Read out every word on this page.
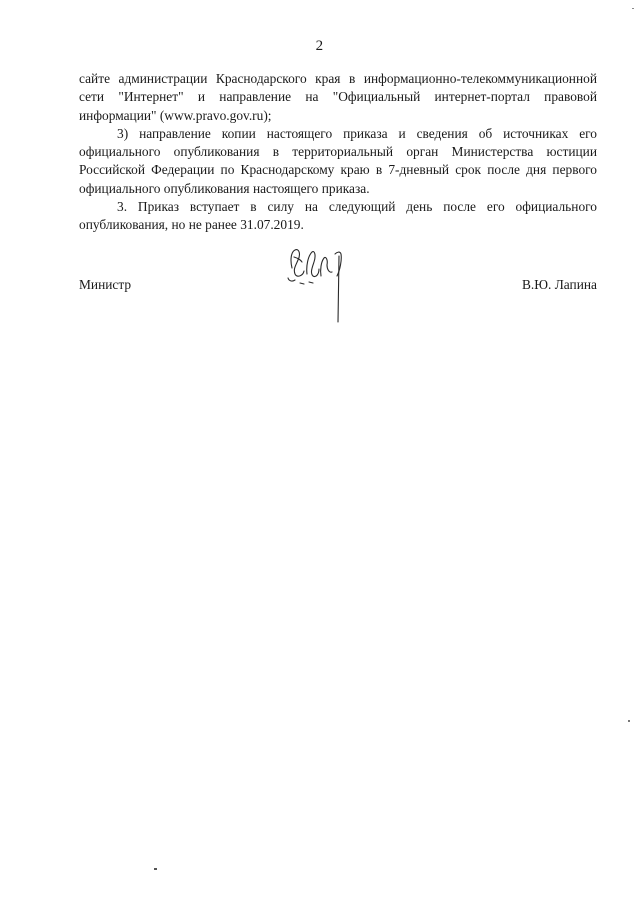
2

сайте администрации Краснодарского края в информационно-телекоммуникационной сети "Интернет" и направление на "Официальный интернет-портал правовой информации" (www.pravo.gov.ru);

3) направление копии настоящего приказа и сведения об источниках его официального опубликования в территориальный орган Министерства юстиции Российской Федерации по Краснодарскому краю в 7-дневный срок после дня первого официального опубликования настоящего приказа.

3. Приказ вступает в силу на следующий день после его официального опубликования, но не ранее 31.07.2019.

Министр	В.Ю. Лапина
